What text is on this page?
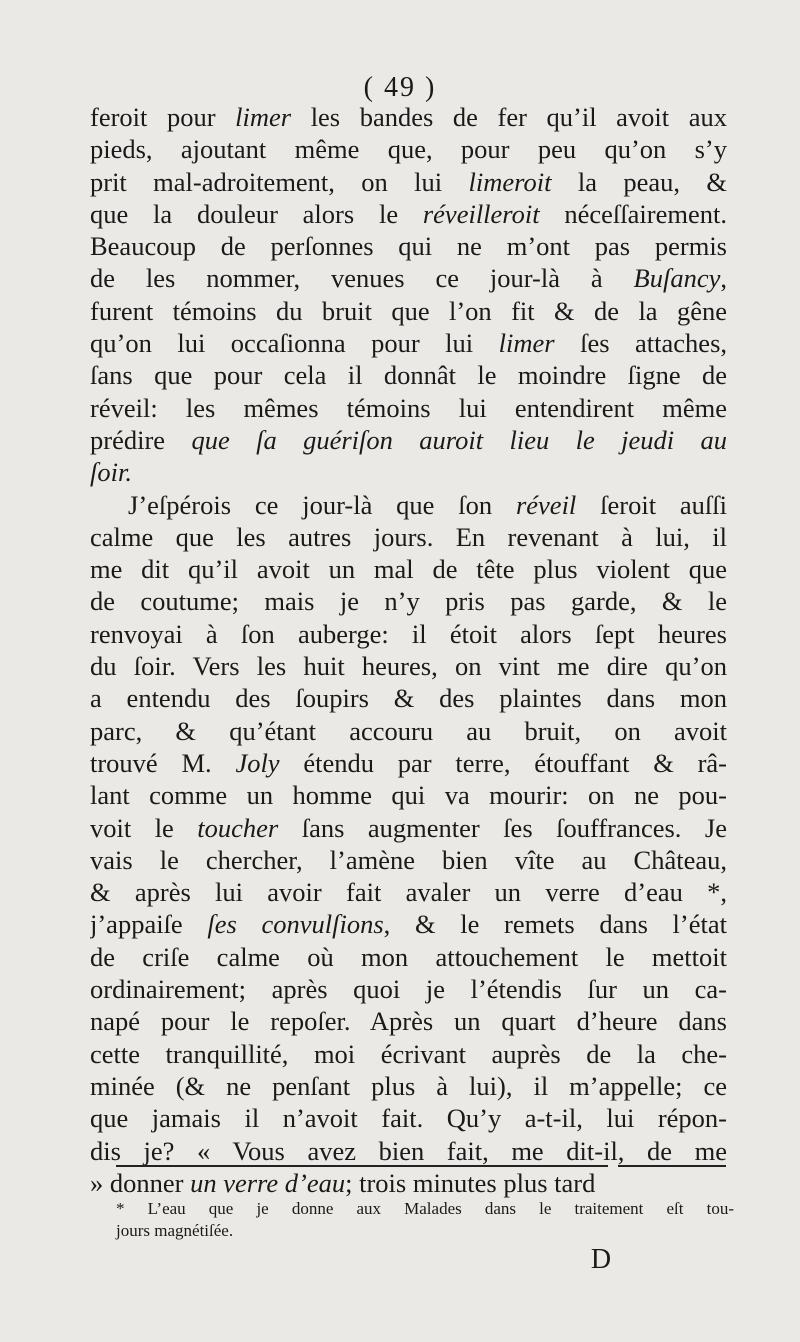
( 49 )
feroit pour limer les bandes de fer qu’il avoit aux
pieds, ajoutant même que, pour peu qu’on s’y
prit mal-adroitement, on lui limeroit la peau, &
que la douleur alors le réveilleroit néceſſairement.
Beaucoup de perſonnes qui ne m’ont pas permis
de les nommer, venues ce jour-là à Buſancy,
furent témoins du bruit que l’on fit & de la gêne
qu’on lui occaſionna pour lui limer ſes attaches,
ſans que pour cela il donnât le moindre ſigne de
réveil: les mêmes témoins lui entendirent même
prédire que ſa guériſon auroit lieu le jeudi au
ſoir.
J’eſpérois ce jour-là que ſon réveil ſeroit auſſi
calme que les autres jours. En revenant à lui, il
me dit qu’il avoit un mal de tête plus violent que
de coutume; mais je n’y pris pas garde, & le
renvoyai à ſon auberge: il étoit alors ſept heures
du ſoir. Vers les huit heures, on vint me dire qu’on
a entendu des ſoupirs & des plaintes dans mon
parc, & qu’étant accouru au bruit, on avoit
trouvé M. Joly étendu par terre, étouffant & râ-
lant comme un homme qui va mourir: on ne pou-
voit le toucher ſans augmenter ſes ſouffrances. Je
vais le chercher, l’amène bien vîte au Château,
& après lui avoir fait avaler un verre d’eau *,
j’appaiſe ſes convulſions, & le remets dans l’état
de criſe calme où mon attouchement le mettoit
ordinairement; après quoi je l’étendis ſur un ca-
napé pour le repoſer. Après un quart d’heure dans
cette tranquillité, moi écrivant auprès de la che-
minée (& ne penſant plus à lui), il m’appelle; ce
que jamais il n’avoit fait. Qu’y a-t-il, lui répon-
dis je? « Vous avez bien fait, me dit-il, de me
» donner un verre d’eau; trois minutes plus tard
* L’eau que je donne aux Malades dans le traitement eſt tou-
jours magnétiſée.
D
